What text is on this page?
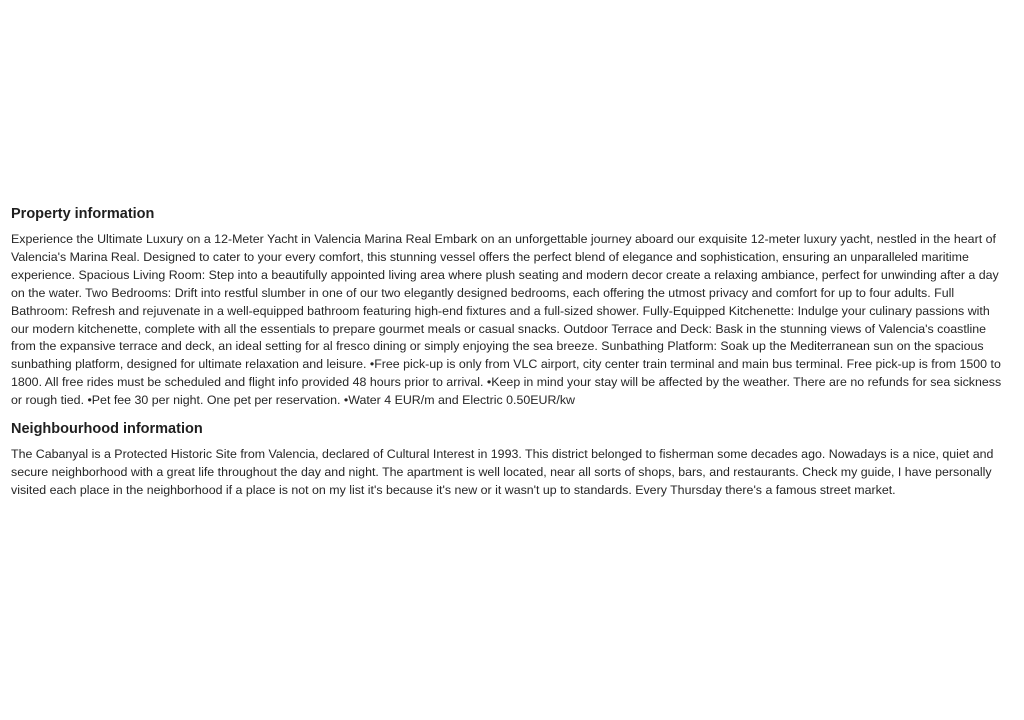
Property information

Experience the Ultimate Luxury on a 12-Meter Yacht in Valencia Marina Real Embark on an unforgettable journey aboard our exquisite 12-meter luxury yacht, nestled in the heart of Valencia's Marina Real. Designed to cater to your every comfort, this stunning vessel offers the perfect blend of elegance and sophistication, ensuring an unparalleled maritime experience. Spacious Living Room: Step into a beautifully appointed living area where plush seating and modern decor create a relaxing ambiance, perfect for unwinding after a day on the water. Two Bedrooms: Drift into restful slumber in one of our two elegantly designed bedrooms, each offering the utmost privacy and comfort for up to four adults. Full Bathroom: Refresh and rejuvenate in a well-equipped bathroom featuring high-end fixtures and a full-sized shower. Fully-Equipped Kitchenette: Indulge your culinary passions with our modern kitchenette, complete with all the essentials to prepare gourmet meals or casual snacks. Outdoor Terrace and Deck: Bask in the stunning views of Valencia's coastline from the expansive terrace and deck, an ideal setting for al fresco dining or simply enjoying the sea breeze. Sunbathing Platform: Soak up the Mediterranean sun on the spacious sunbathing platform, designed for ultimate relaxation and leisure. •Free pick-up is only from VLC airport, city center train terminal and main bus terminal. Free pick-up is from 1500 to 1800. All free rides must be scheduled and flight info provided 48 hours prior to arrival. •Keep in mind your stay will be affected by the weather. There are no refunds for sea sickness or rough tied. •Pet fee 30 per night. One pet per reservation. •Water 4 EUR/m and Electric 0.50EUR/kw

Neighbourhood information

The Cabanyal is a Protected Historic Site from Valencia, declared of Cultural Interest in 1993. This district belonged to fisherman some decades ago. Nowadays is a nice, quiet and secure neighborhood with a great life throughout the day and night. The apartment is well located, near all sorts of shops, bars, and restaurants. Check my guide, I have personally visited each place in the neighborhood if a place is not on my list it's because it's new or it wasn't up to standards. Every Thursday there's a famous street market.
